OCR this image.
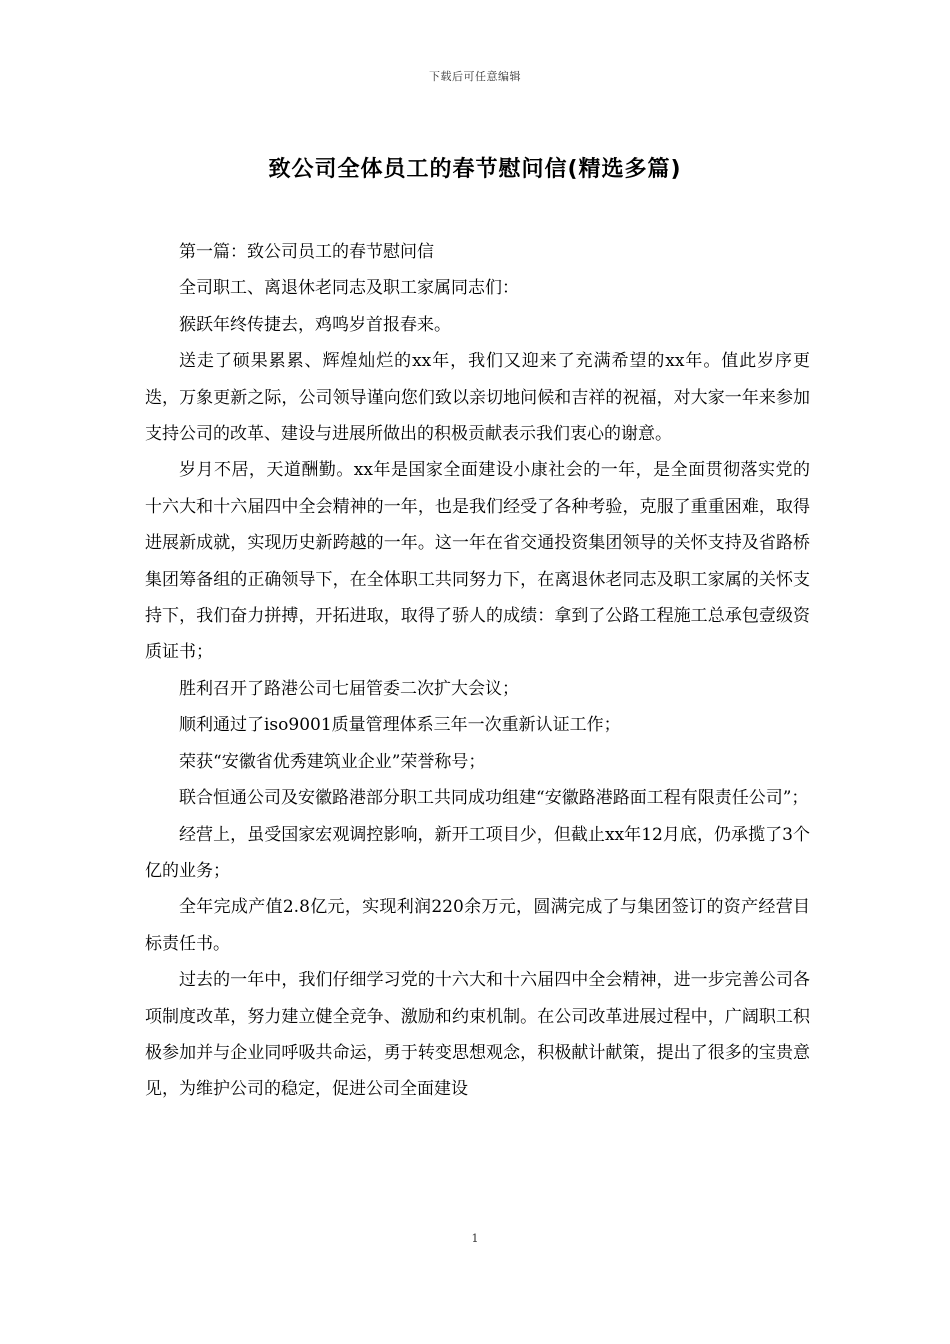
下载后可任意编辑
致公司全体员工的春节慰问信(精选多篇)

第一篇：致公司员工的春节慰问信

全司职工、离退休老同志及职工家属同志们：

猴跃年终传捷去，鸡鸣岁首报春来。

送走了硕果累累、辉煌灿烂的xx年，我们又迎来了充满希望的xx年。值此岁序更迭，万象更新之际，公司领导谨向您们致以亲切地问候和吉祥的祝福，对大家一年来参加支持公司的改革、建设与进展所做出的积极贡献表示我们衷心的谢意。

岁月不居，天道酬勤。xx年是国家全面建设小康社会的一年，是全面贯彻落实党的十六大和十六届四中全会精神的一年，也是我们经受了各种考验，克服了重重困难，取得进展新成就，实现历史新跨越的一年。这一年在省交通投资集团领导的关怀支持及省路桥集团筹备组的正确领导下，在全体职工共同努力下，在离退休老同志及职工家属的关怀支持下，我们奋力拼搏，开拓进取，取得了骄人的成绩：拿到了公路工程施工总承包壹级资质证书；

胜利召开了路港公司七届管委二次扩大会议；

顺利通过了iso9001质量管理体系三年一次重新认证工作；

荣获“安徽省优秀建筑业企业”荣誉称号；

联合恒通公司及安徽路港部分职工共同成功组建“安徽路港路面工程有限责任公司”；

经营上，虽受国家宏观调控影响，新开工项目少，但截止xx年12月底，仍承揽了3个亿的业务；

全年完成产值2.8亿元，实现利润220余万元，圆满完成了与集团签订的资产经营目标责任书。

过去的一年中，我们仔细学习党的十六大和十六届四中全会精神，进一步完善公司各项制度改革，努力建立健全竞争、激励和约束机制。在公司改革进展过程中，广阔职工积极参加并与企业同呼吸共命运，勇于转变思想观念，积极献计献策，提出了很多的宝贵意见，为维护公司的稳定，促进公司全面建设

1
